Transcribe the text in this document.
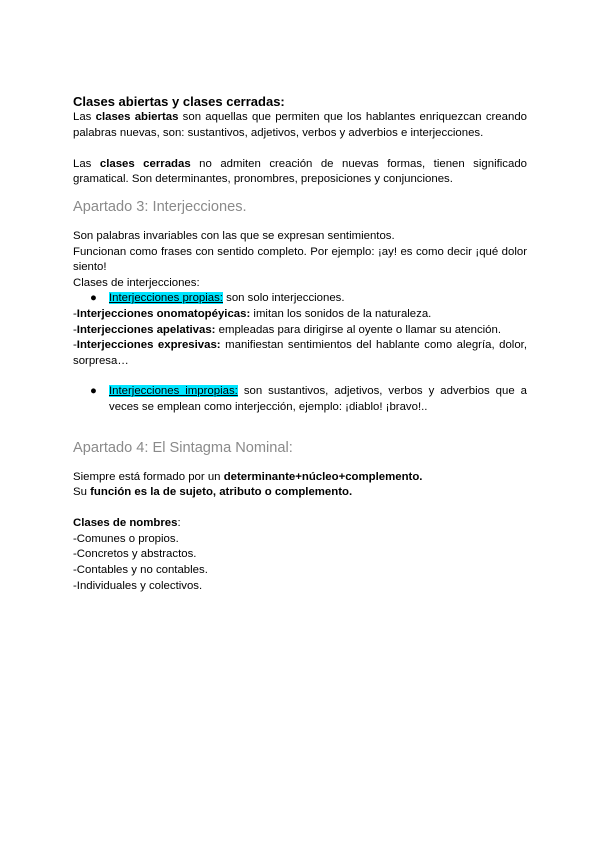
Clases abiertas y clases cerradas:

Las clases abiertas son aquellas que permiten que los hablantes enriquezcan creando palabras nuevas, son: sustantivos, adjetivos, verbos y adverbios e interjecciones.

Las clases cerradas no admiten creación de nuevas formas, tienen significado gramatical. Son determinantes, pronombres, preposiciones y conjunciones.

Apartado 3: Interjecciones.

Son palabras invariables con las que se expresan sentimientos.

Funcionan como frases con sentido completo. Por ejemplo: ¡ay! es como decir ¡qué dolor siento!

Clases de interjecciones:

● Interjecciones propias: son solo interjecciones.

-Interjecciones onomatopéyicas: imitan los sonidos de la naturaleza.

-Interjecciones apelativas: empleadas para dirigirse al oyente o llamar su atención.

-Interjecciones expresivas: manifiestan sentimientos del hablante como alegría, dolor, sorpresa…

● Interjecciones impropias: son sustantivos, adjetivos, verbos y adverbios que a veces se emplean como interjección, ejemplo: ¡diablo! ¡bravo!..

Apartado 4: El Sintagma Nominal:

Siempre está formado por un determinante+núcleo+complemento.

Su función es la de sujeto, atributo o complemento.

Clases de nombres:

-Comunes o propios.

-Concretos y abstractos.

-Contables y no contables.

-Individuales y colectivos.
